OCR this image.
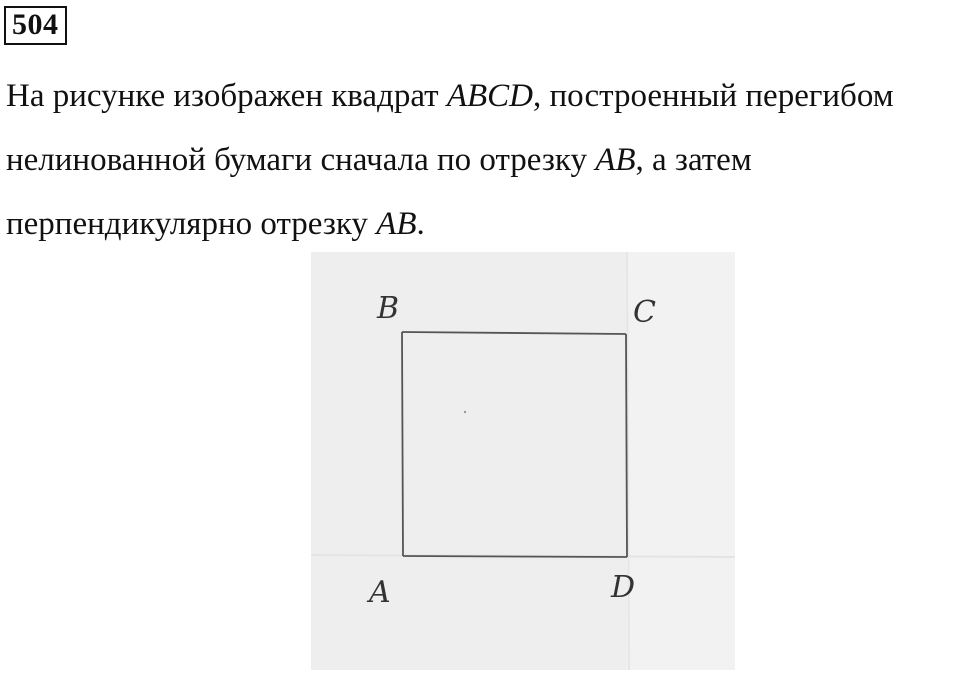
504
На рисунке изображен квадрат ABCD, построенный перегибом
нелинованной бумаги сначала по отрезку AB, а затем
перпендикулярно отрезку AB.
B	C
A	D
